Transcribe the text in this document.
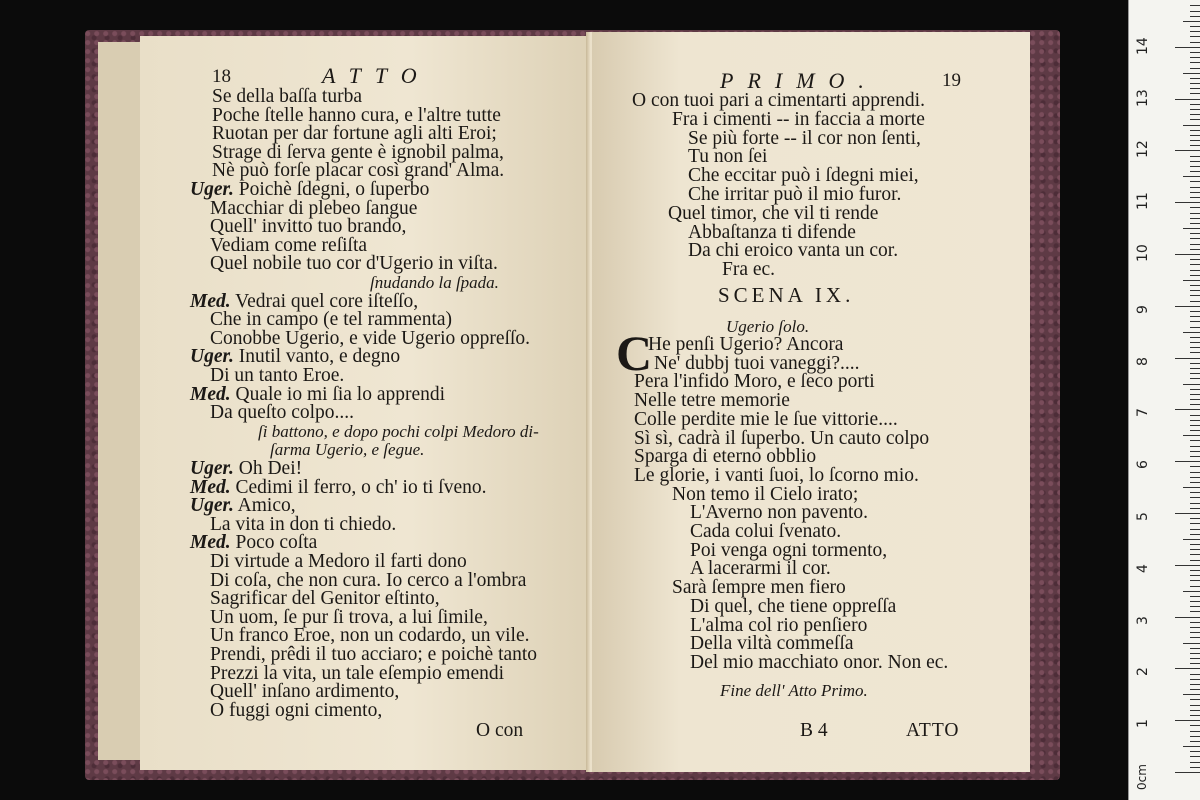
18	ATTO
Se della baſſa turba
Poche ſtelle hanno cura, e l'altre tutte
Ruotan per dar fortune agli alti Eroi;
Strage di ſerva gente è ignobil palma,
Nè può forſe placar così grand' Alma.
Uger. Poichè ſdegni, o ſuperbo
Macchiar di plebeo ſangue
Quell' invitto tuo brando,
Vediam come reſiſta
Quel nobile tuo cor d'Ugerio in viſta.
ſnudando la ſpada.
Med. Vedrai quel core iſteſſo,
Che in campo (e tel rammenta)
Conobbe Ugerio, e vide Ugerio oppreſſo.
Uger. Inutil vanto, e degno
Di un tanto Eroe.
Med. Quale io mi ſia lo apprendi
Da queſto colpo....
ſi battono, e dopo pochi colpi Medoro di-
ſarma Ugerio, e ſegue.
Uger. Oh Dei!
Med. Cedimi il ferro, o ch' io ti ſveno.
Uger. Amico,
La vita in don ti chiedo.
Med. Poco coſta
Di virtude a Medoro il farti dono
Di coſa, che non cura. Io cerco a l'ombra
Sagrificar del Genitor eſtinto,
Un uom, ſe pur ſi trova, a lui ſimile,
Un franco Eroe, non un codardo, un vile.
Prendi, prêdi il tuo acciaro; e poichè tanto
Prezzi la vita, un tale eſempio emendi
Quell' inſano ardimento,
O fuggi ogni cimento,
O con
PRIMO.	19
O con tuoi pari a cimentarti apprendi.
Fra i cimenti -- in faccia a morte
Se più forte -- il cor non ſenti,
Tu non ſei
Che eccitar può i ſdegni miei,
Che irritar può il mio furor.
Quel timor, che vil ti rende
Abbaſtanza ti difende
Da chi eroico vanta un cor.
Fra ec.
SCENA IX.
Ugerio ſolo.
C
He penſi Ugerio? Ancora
Ne' dubbj tuoi vaneggi?....
Pera l'infido Moro, e ſeco porti
Nelle tetre memorie
Colle perdite mie le ſue vittorie....
Sì sì, cadrà il ſuperbo. Un cauto colpo
Sparga di eterno obblio
Le glorie, i vanti ſuoi, lo ſcorno mio.
Non temo il Cielo irato;
L'Averno non pavento.
Cada colui ſvenato.
Poi venga ogni tormento,
A lacerarmi il cor.
Sarà ſempre men fiero
Di quel, che tiene oppreſſa
L'alma col rio penſiero
Della viltà commeſſa
Del mio macchiato onor. Non ec.
Fine dell' Atto Primo.
B 4	ATTO	1
2
3
4
5
6
7
8
9
10
11
12
13
14
0cm
